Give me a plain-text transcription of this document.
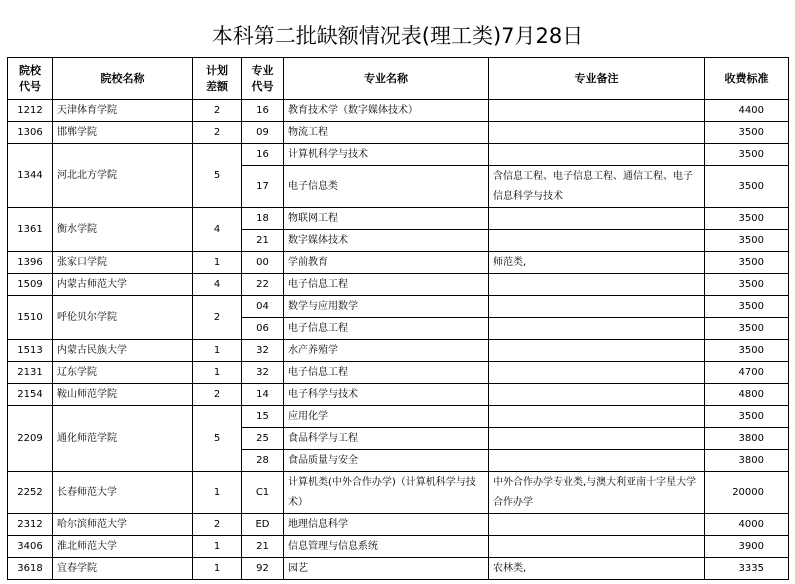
本科第二批缺额情况表(理工类)7月28日
院校代号	院校名称	计划差额	专业代号	专业名称	专业备注	收费标准
1212	天津体育学院	2	16	教育技术学（数字媒体技术）		4400
1306	邯郸学院	2	09	物流工程		3500
1344	河北北方学院	5	16	计算机科学与技术		3500
			17	电子信息类	含信息工程、电子信息工程、通信工程、电子信息科学与技术	3500
1361	衡水学院	4	18	物联网工程		3500
			21	数字媒体技术		3500
1396	张家口学院	1	00	学前教育	师范类,	3500
1509	内蒙古师范大学	4	22	电子信息工程		3500
1510	呼伦贝尔学院	2	04	数学与应用数学		3500
			06	电子信息工程		3500
1513	内蒙古民族大学	1	32	水产养殖学		3500
2131	辽东学院	1	32	电子信息工程		4700
2154	鞍山师范学院	2	14	电子科学与技术		4800
2209	通化师范学院	5	15	应用化学		3500
			25	食品科学与工程		3800
			28	食品质量与安全		3800
2252	长春师范大学	1	C1	计算机类(中外合作办学)（计算机科学与技术）	中外合作办学专业类,与澳大利亚南十字星大学合作办学	20000
2312	哈尔滨师范大学	2	ED	地理信息科学		4000
3406	淮北师范大学	1	21	信息管理与信息系统		3900
3618	宜春学院	1	92	园艺	农林类,	3335
